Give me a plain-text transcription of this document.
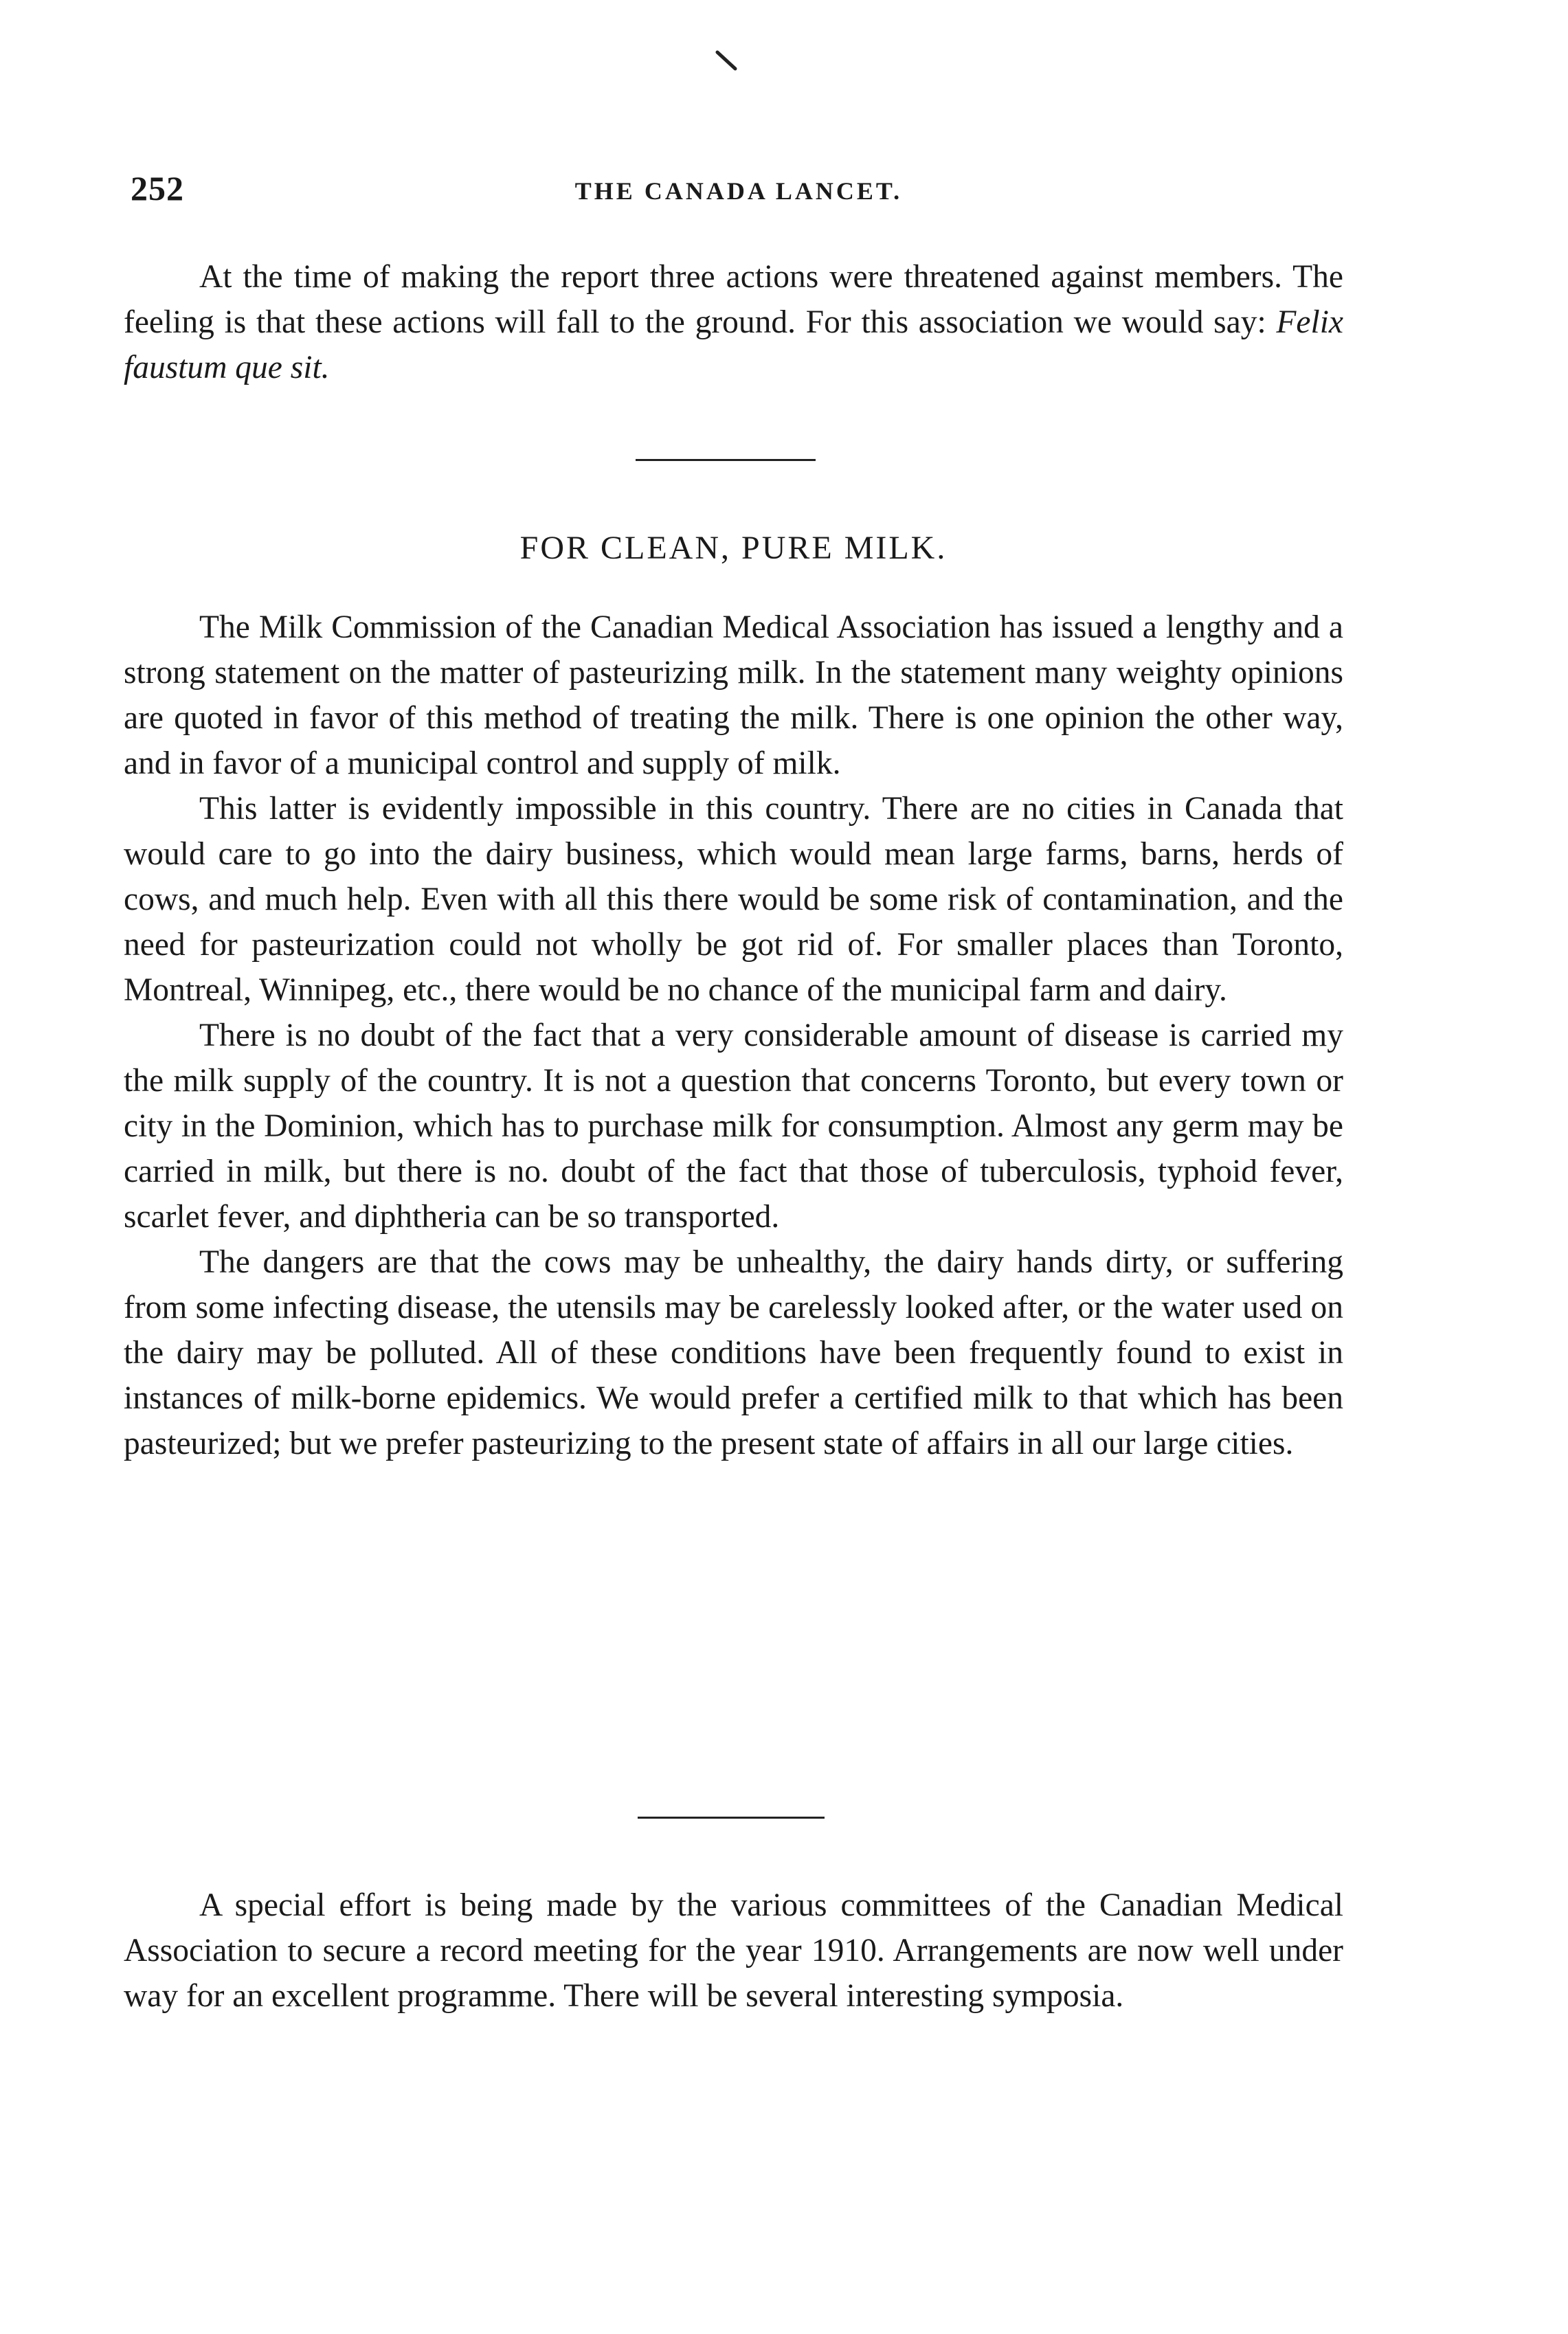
252	THE CANADA LANCET.

At the time of making the report three actions were threatened against members. The feeling is that these actions will fall to the ground. For this association we would say: Felix faustum que sit.

FOR CLEAN, PURE MILK.

The Milk Commission of the Canadian Medical Association has issued a lengthy and a strong statement on the matter of pasteurizing milk. In the statement many weighty opinions are quoted in favor of this method of treating the milk. There is one opinion the other way, and in favor of a municipal control and supply of milk.

This latter is evidently impossible in this country. There are no cities in Canada that would care to go into the dairy business, which would mean large farms, barns, herds of cows, and much help. Even with all this there would be some risk of contamination, and the need for pasteurization could not wholly be got rid of. For smaller places than Toronto, Montreal, Winnipeg, etc., there would be no chance of the municipal farm and dairy.

There is no doubt of the fact that a very considerable amount of disease is carried my the milk supply of the country. It is not a question that concerns Toronto, but every town or city in the Dominion, which has to purchase milk for consumption. Almost any germ may be carried in milk, but there is no. doubt of the fact that those of tuberculosis, typhoid fever, scarlet fever, and diphtheria can be so transported.

The dangers are that the cows may be unhealthy, the dairy hands dirty, or suffering from some infecting disease, the utensils may be carelessly looked after, or the water used on the dairy may be polluted. All of these conditions have been frequently found to exist in instances of milk-borne epidemics. We would prefer a certified milk to that which has been pasteurized; but we prefer pasteurizing to the present state of affairs in all our large cities.

A special effort is being made by the various committees of the Canadian Medical Association to secure a record meeting for the year 1910. Arrangements are now well under way for an excellent programme. There will be several interesting symposia.
